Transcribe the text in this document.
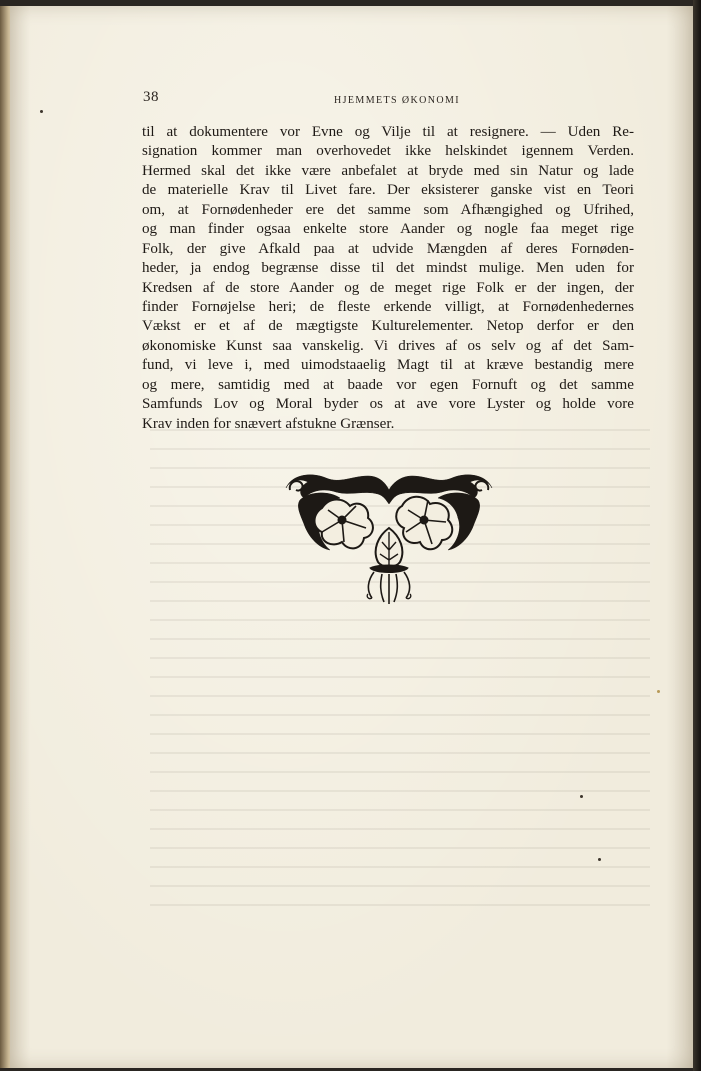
38	HJEMMETS ØKONOMI
til at dokumentere vor Evne og Vilje til at resignere. — Uden Re-
signation kommer man overhovedet ikke helskindet igennem Verden.
Hermed skal det ikke være anbefalet at bryde med sin Natur og lade
de materielle Krav til Livet fare. Der eksisterer ganske vist en Teori
om, at Fornødenheder ere det samme som Afhængighed og Ufrihed,
og man finder ogsaa enkelte store Aander og nogle faa meget rige
Folk, der give Afkald paa at udvide Mængden af deres Fornøden-
heder, ja endog begrænse disse til det mindst mulige. Men uden for
Kredsen af de store Aander og de meget rige Folk er der ingen, der
finder Fornøjelse heri; de fleste erkende villigt, at Fornødenhedernes
Vækst er et af de mægtigste Kulturelementer. Netop derfor er den
økonomiske Kunst saa vanskelig. Vi drives af os selv og af det Sam-
fund, vi leve i, med uimodstaaelig Magt til at kræve bestandig mere
og mere, samtidig med at baade vor egen Fornuft og det samme
Samfunds Lov og Moral byder os at ave vore Lyster og holde vore
Krav inden for snævert afstukne Grænser.
